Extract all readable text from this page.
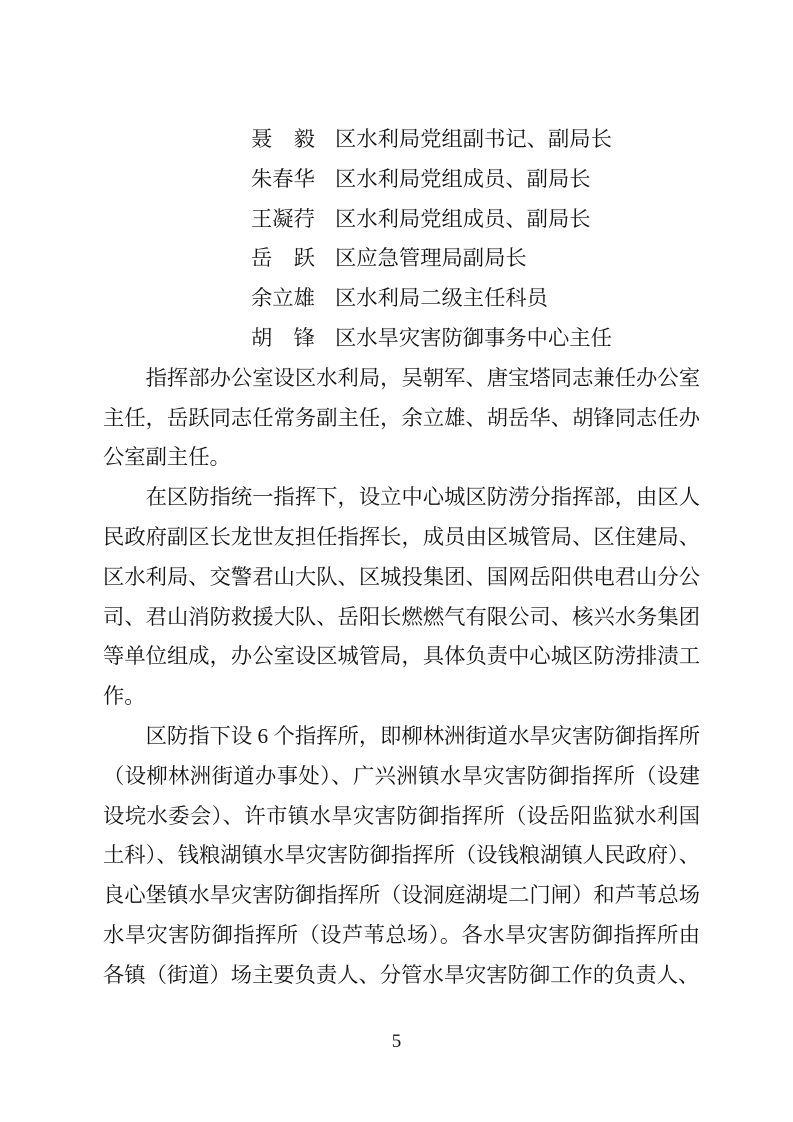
聂　毅 区水利局党组副书记、副局长
朱春华 区水利局党组成员、副局长
王凝荇 区水利局党组成员、副局长
岳　跃 区应急管理局副局长
余立雄 区水利局二级主任科员
胡　锋 区水旱灾害防御事务中心主任

指挥部办公室设区水利局，吴朝军、唐宝塔同志兼任办公室主任，岳跃同志任常务副主任，余立雄、胡岳华、胡锋同志任办公室副主任。

在区防指统一指挥下，设立中心城区防涝分指挥部，由区人民政府副区长龙世友担任指挥长，成员由区城管局、区住建局、区水利局、交警君山大队、区城投集团、国网岳阳供电君山分公司、君山消防救援大队、岳阳长燃燃气有限公司、核兴水务集团等单位组成，办公室设区城管局，具体负责中心城区防涝排渍工作。

区防指下设 6 个指挥所，即柳林洲街道水旱灾害防御指挥所（设柳林洲街道办事处）、广兴洲镇水旱灾害防御指挥所（设建设垸水委会）、许市镇水旱灾害防御指挥所（设岳阳监狱水利国土科）、钱粮湖镇水旱灾害防御指挥所（设钱粮湖镇人民政府）、良心堡镇水旱灾害防御指挥所（设洞庭湖堤二门闸）和芦苇总场水旱灾害防御指挥所（设芦苇总场）。各水旱灾害防御指挥所由各镇（街道）场主要负责人、分管水旱灾害防御工作的负责人、

5
